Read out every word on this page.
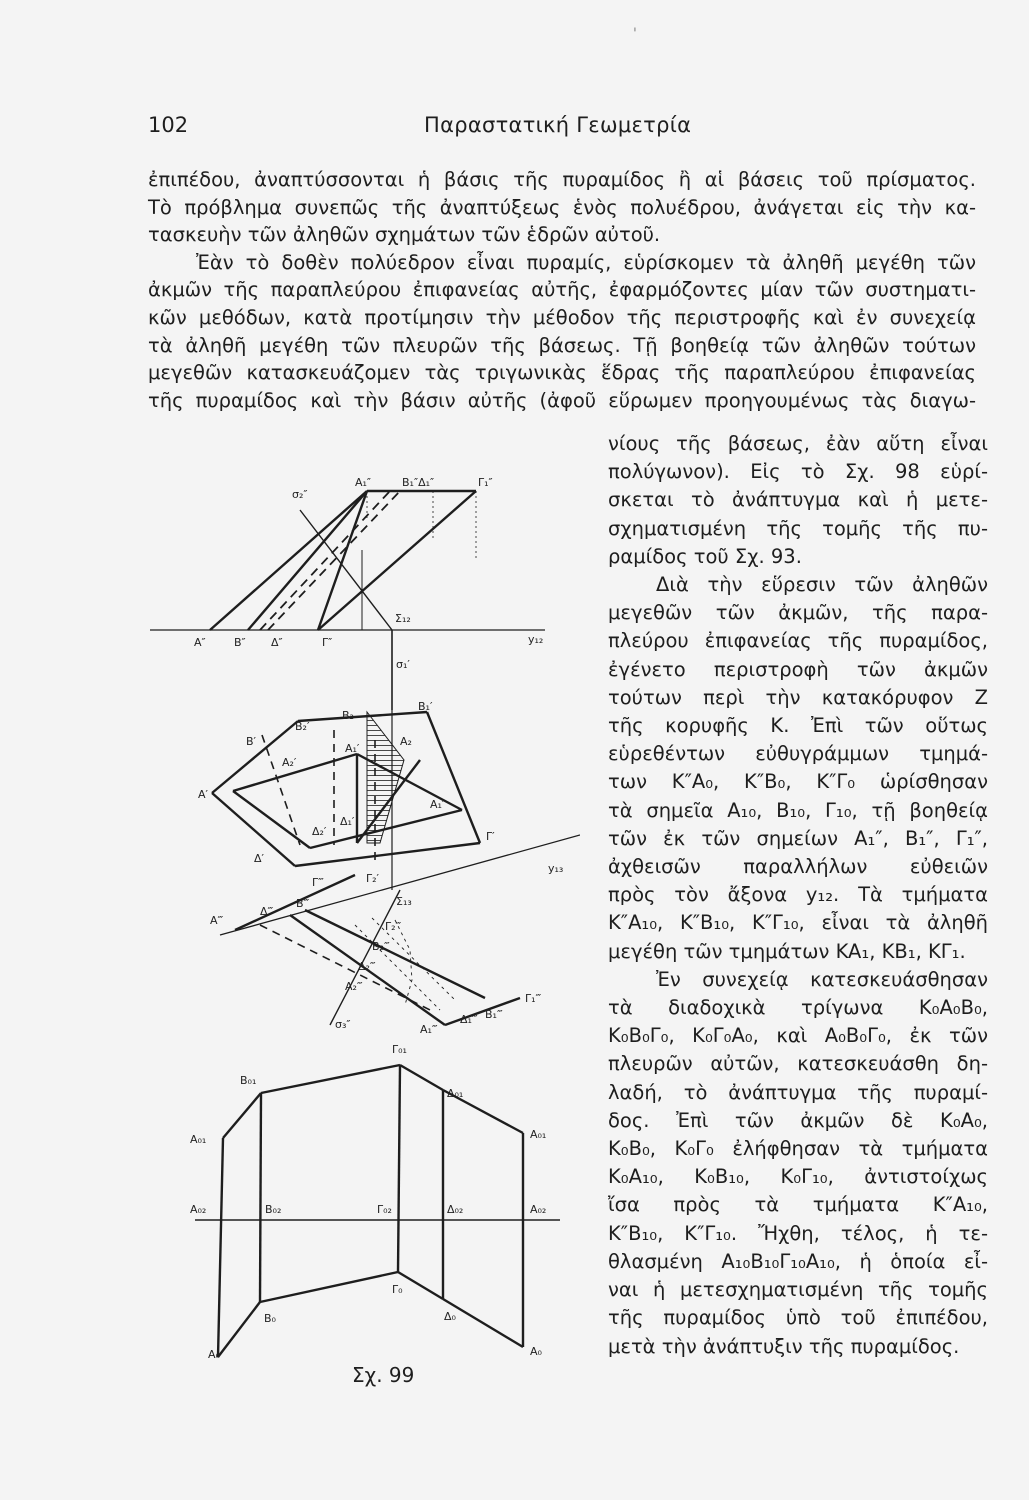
'
102	Παραστατική Γεωμετρία

ἐπιπέδου, ἀναπτύσσονται ἡ βάσις τῆς πυραμίδος ἢ αἱ βάσεις τοῦ πρίσματος.

Τὸ πρόβλημα συνεπῶς τῆς ἀναπτύξεως ἑνὸς πολυέδρου, ἀνάγεται εἰς τὴν κα-

τασκευὴν τῶν ἀληθῶν σχημάτων τῶν ἑδρῶν αὐτοῦ.

Ἐὰν τὸ δοθὲν πολύεδρον εἶναι πυραμίς, εὑρίσκομεν τὰ ἀληθῆ μεγέθη τῶν

ἀκμῶν τῆς παραπλεύρου ἐπιφανείας αὐτῆς, ἐφαρμόζοντες μίαν τῶν συστηματι-

κῶν μεθόδων, κατὰ προτίμησιν τὴν μέθοδον τῆς περιστροφῆς καὶ ἐν συνεχείᾳ

τὰ ἀληθῆ μεγέθη τῶν πλευρῶν τῆς βάσεως. Τῇ βοηθείᾳ τῶν ἀληθῶν τούτων

μεγεθῶν κατασκευάζομεν τὰς τριγωνικὰς ἕδρας τῆς παραπλεύρου ἐπιφανείας

τῆς πυραμίδος καὶ τὴν βάσιν αὐτῆς (ἀφοῦ εὕρωμεν προηγουμένως τὰς διαγω-

νίους τῆς βάσεως, ἐὰν αὕτη εἶναι

πολύγωνον). Εἰς τὸ Σχ. 98 εὑρί-

σκεται τὸ ἀνάπτυγμα καὶ ἡ μετε-

σχηματισμένη τῆς τομῆς τῆς πυ-

ραμίδος τοῦ Σχ. 93.

Διὰ τὴν εὕρεσιν τῶν ἀληθῶν

μεγεθῶν τῶν ἀκμῶν, τῆς παρα-

πλεύρου ἐπιφανείας τῆς πυραμίδος,

ἐγένετο περιστροφὴ τῶν ἀκμῶν

τούτων περὶ τὴν κατακόρυφον Z

τῆς κορυφῆς K. Ἐπὶ τῶν οὕτως

εὑρεθέντων εὐθυγράμμων τμημά-

των K″A₀, K″B₀, K″Γ₀ ὡρίσθησαν

τὰ σημεῖα A₁₀, B₁₀, Γ₁₀, τῇ βοηθείᾳ

τῶν ἐκ τῶν σημείων A₁″, B₁″, Γ₁″,

ἀχθεισῶν παραλλήλων εὐθειῶν

πρὸς τὸν ἄξονα y₁₂. Τὰ τμήματα

K″A₁₀, K″B₁₀, K″Γ₁₀, εἶναι τὰ ἀληθῆ

μεγέθη τῶν τμημάτων KA₁, KB₁, KΓ₁.

Ἐν συνεχείᾳ κατεσκευάσθησαν

τὰ διαδοχικὰ τρίγωνα K₀A₀B₀,

K₀B₀Γ₀, K₀Γ₀A₀, καὶ A₀B₀Γ₀, ἐκ τῶν

πλευρῶν αὐτῶν, κατεσκευάσθη δη-

λαδή, τὸ ἀνάπτυγμα τῆς πυραμί-

δος. Ἐπὶ τῶν ἀκμῶν δὲ K₀A₀,

K₀B₀, K₀Γ₀ ἐλήφθησαν τὰ τμήματα

K₀A₁₀, K₀B₁₀, K₀Γ₁₀, ἀντιστοίχως

ἴσα πρὸς τὰ τμήματα K″A₁₀,

K″B₁₀, K″Γ₁₀. Ἤχθη, τέλος, ἡ τε-

θλασμένη A₁₀B₁₀Γ₁₀A₁₀, ἡ ὁποία εἶ-

ναι ἡ μετεσχηματισμένη τῆς τομῆς

τῆς πυραμίδος ὑπὸ τοῦ ἐπιπέδου,

μετὰ τὴν ἀνάπτυξιν τῆς πυραμίδος.

σ₂″
A₁″	B₁″Δ₁″	Γ₁″
A″	B″ Δ″	Γ″
Σ₁₂
y₁₂
σ₁′
B₁′
B₂
B₂′
B′
A₂′
A₁′
A₂
A′
A₁′
Δ₂′
Δ₁′
Δ′
Γ′
Γ₂′
Γ‴
y₁₃
Σ₁₃
A‴
Δ‴
B‴
Γ₂‴
B₂‴
Δ₂‴
A₂‴
Γ₁‴
σ₃″	A₁‴
Δ₁‴ B₁‴
Γ₀₁
B₀₁
Δ₀₁
A₀₁	A₀₁
A₀₂	B₀₂	Γ₀₂	Δ₀₂	A₀₂
Γ₀
B₀	Δ₀
A₀	A₀
Σχ. 99
